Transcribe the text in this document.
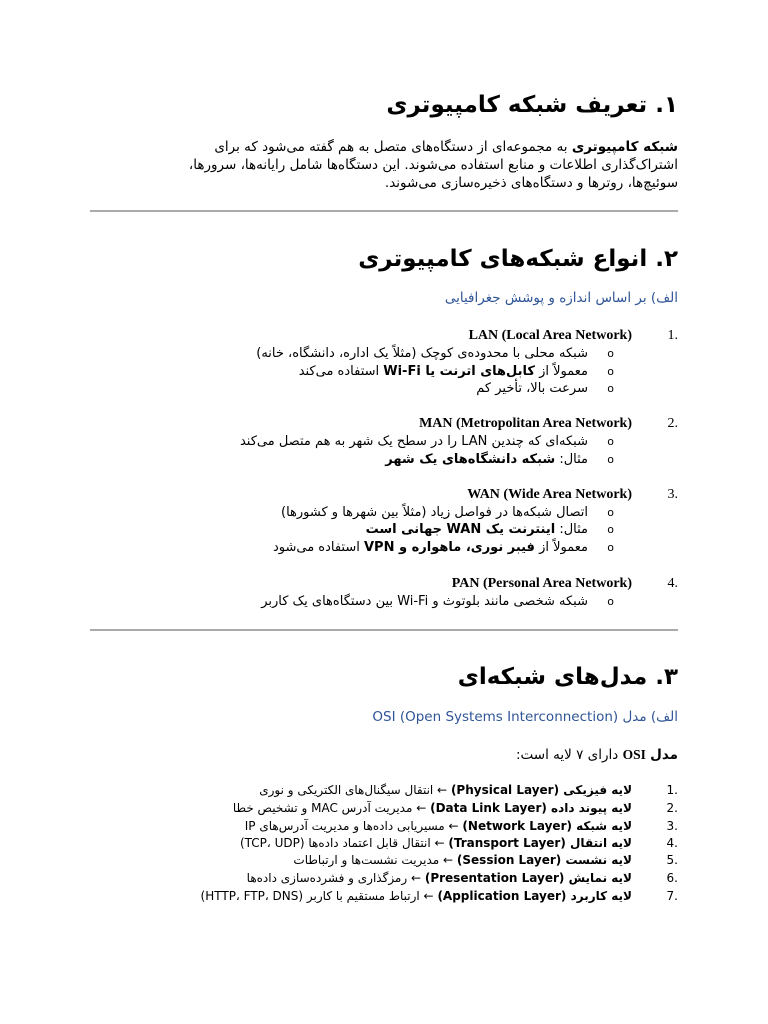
۱. تعریف شبکه کامپیوتری
شبکه کامپیوتری به مجموعه‌ای از دستگاه‌های متصل به هم گفته می‌شود که برای
اشتراک‌گذاری اطلاعات و منابع استفاده می‌شوند. این دستگاه‌ها شامل رایانه‌ها، سرورها،
سوئیچ‌ها، روترها و دستگاه‌های ذخیره‌سازی می‌شوند.
۲. انواع شبکه‌های کامپیوتری
الف) بر اساس اندازه و پوشش جغرافیایی
.1
LAN (Local Area Network)
o
شبکه محلی با محدوده‌ی کوچک (مثلاً یک اداره، دانشگاه، خانه)
o
معمولاً از کابل‌های اترنت یا Wi-Fi استفاده می‌کند
o
سرعت بالا، تأخیر کم
.2
MAN (Metropolitan Area Network)
o
شبکه‌ای که چندین LAN را در سطح یک شهر به هم متصل می‌کند
o
مثال: شبکه دانشگاه‌های یک شهر
.3
WAN (Wide Area Network)
o
اتصال شبکه‌ها در فواصل زیاد (مثلاً بین شهرها و کشورها)
o
مثال: اینترنت یک WAN جهانی است
o
معمولاً از فیبر نوری، ماهواره و VPN استفاده می‌شود
.4
PAN (Personal Area Network)
o
شبکه شخصی مانند بلوتوث و Wi-Fi بین دستگاه‌های یک کاربر
۳. مدل‌های شبکه‌ای
الف) مدل OSI (Open Systems Interconnection)
مدل OSI دارای ۷ لایه است:
.1
لایه فیزیکی (Physical Layer) ← انتقال سیگنال‌های الکتریکی و نوری
.2
لایه پیوند داده (Data Link Layer) ← مدیریت آدرس MAC و تشخیص خطا
.3
لایه شبکه (Network Layer) ← مسیریابی داده‌ها و مدیریت آدرس‌های IP
.4
لایه انتقال (Transport Layer) ← انتقال قابل اعتماد داده‌ها (TCP، UDP)
.5
لایه نشست (Session Layer) ← مدیریت نشست‌ها و ارتباطات
.6
لایه نمایش (Presentation Layer) ← رمزگذاری و فشرده‌سازی داده‌ها
.7
لایه کاربرد (Application Layer) ← ارتباط مستقیم با کاربر (HTTP، FTP، DNS)
